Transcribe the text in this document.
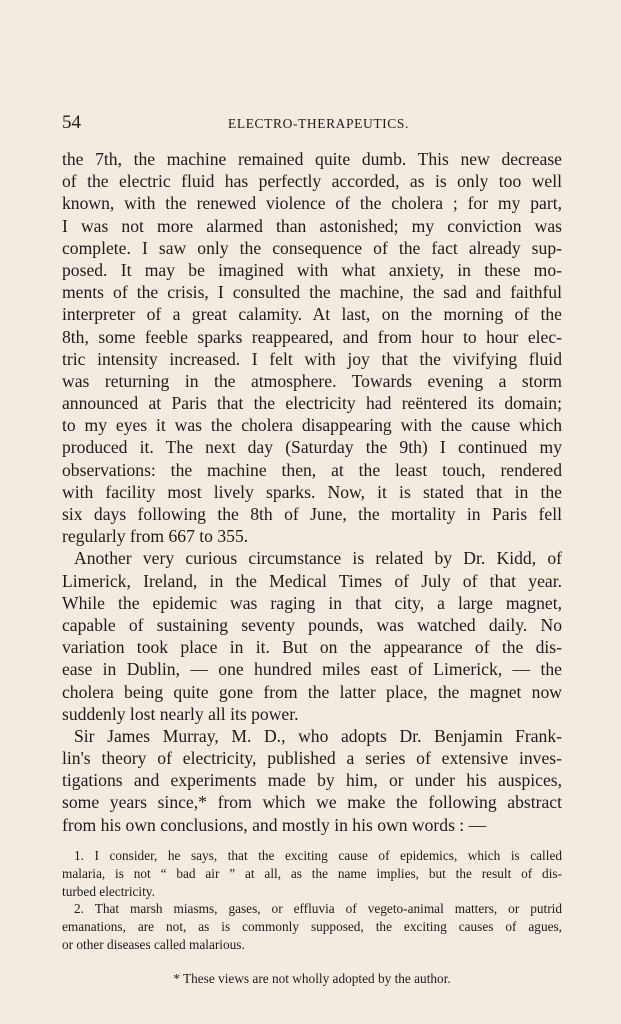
54	ELECTRO-THERAPEUTICS.
the 7th, the machine remained quite dumb. This new decrease
of the electric fluid has perfectly accorded, as is only too well
known, with the renewed violence of the cholera ; for my part,
I was not more alarmed than astonished; my conviction was
complete. I saw only the consequence of the fact already sup-
posed. It may be imagined with what anxiety, in these mo-
ments of the crisis, I consulted the machine, the sad and faithful
interpreter of a great calamity. At last, on the morning of the
8th, some feeble sparks reappeared, and from hour to hour elec-
tric intensity increased. I felt with joy that the vivifying fluid
was returning in the atmosphere. Towards evening a storm
announced at Paris that the electricity had reëntered its domain;
to my eyes it was the cholera disappearing with the cause which
produced it. The next day (Saturday the 9th) I continued my
observations: the machine then, at the least touch, rendered
with facility most lively sparks. Now, it is stated that in the
six days following the 8th of June, the mortality in Paris fell
regularly from 667 to 355.
Another very curious circumstance is related by Dr. Kidd, of
Limerick, Ireland, in the Medical Times of July of that year.
While the epidemic was raging in that city, a large magnet,
capable of sustaining seventy pounds, was watched daily. No
variation took place in it. But on the appearance of the dis-
ease in Dublin, — one hundred miles east of Limerick, — the
cholera being quite gone from the latter place, the magnet now
suddenly lost nearly all its power.
Sir James Murray, M. D., who adopts Dr. Benjamin Frank-
lin's theory of electricity, published a series of extensive inves-
tigations and experiments made by him, or under his auspices,
some years since,* from which we make the following abstract
from his own conclusions, and mostly in his own words : —
1. I consider, he says, that the exciting cause of epidemics, which is called
malaria, is not “ bad air ” at all, as the name implies, but the result of dis-
turbed electricity.
2. That marsh miasms, gases, or effluvia of vegeto-animal matters, or putrid
emanations, are not, as is commonly supposed, the exciting causes of agues,
or other diseases called malarious.
* These views are not wholly adopted by the author.
